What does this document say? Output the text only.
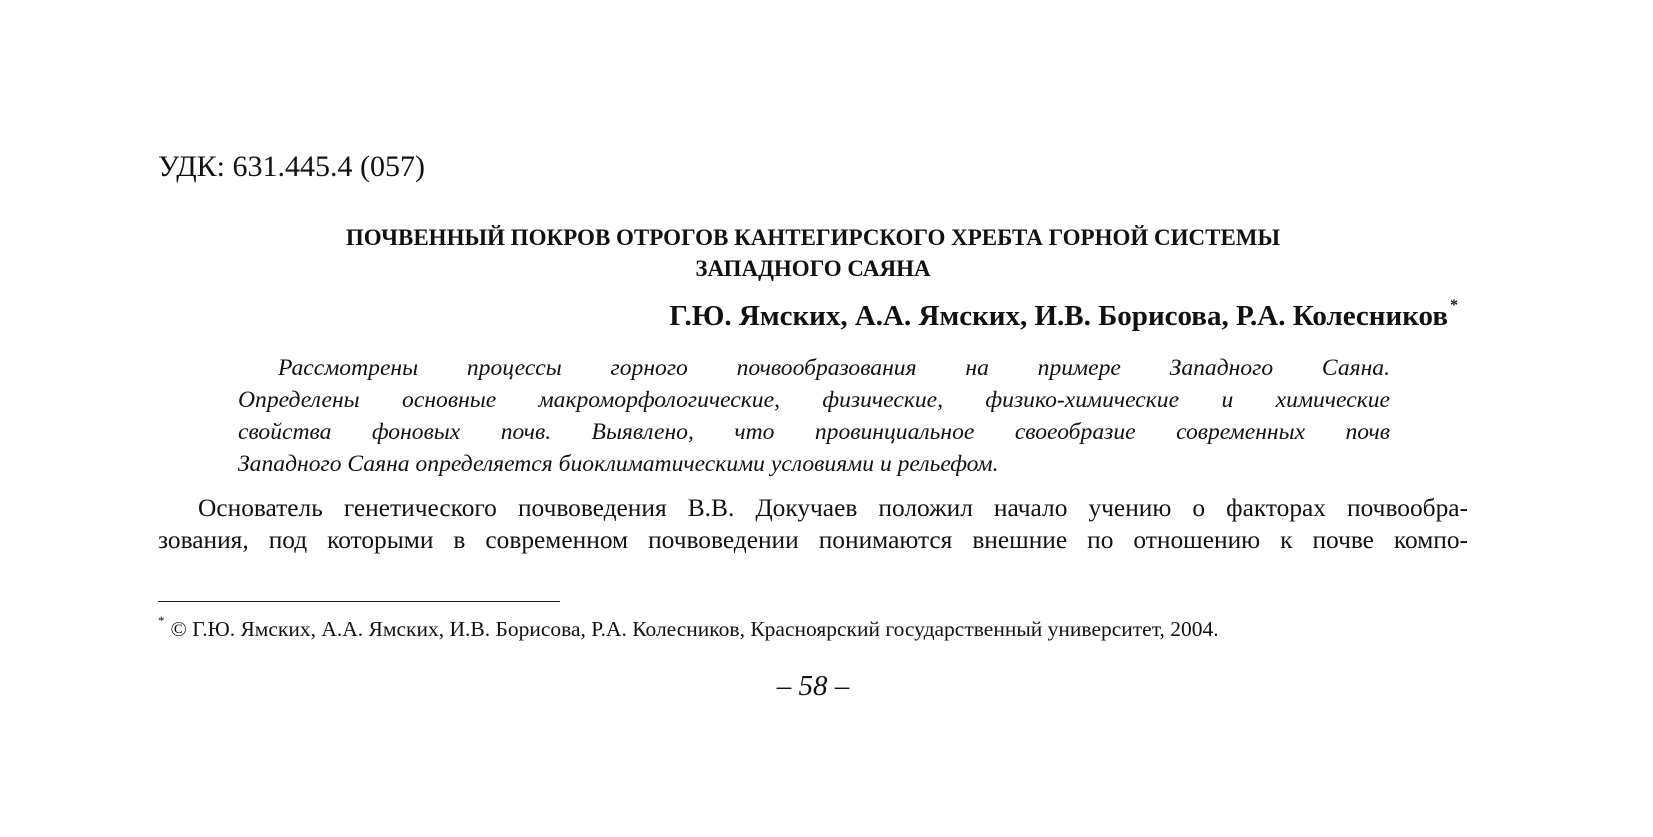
УДК: 631.445.4 (057)
ПОЧВЕННЫЙ ПОКРОВ ОТРОГОВ КАНТЕГИРСКОГО ХРЕБТА ГОРНОЙ СИСТЕМЫ
ЗАПАДНОГО САЯНА
Г.Ю. Ямских, А.А. Ямских, И.В. Борисова, Р.А. Колесников *
Рассмотрены процессы горного почвообразования на примере Западного Саяна.
Определены основные макроморфологические, физические, физико-химические и химические
свойства фоновых почв. Выявлено, что провинциальное своеобразие современных почв
Западного Саяна определяется биоклиматическими условиями и рельефом.
Основатель генетического почвоведения В.В. Докучаев положил начало учению о факторах почвообра-
зования, под которыми в современном почвоведении понимаются внешние по отношению к почве компо-
* © Г.Ю. Ямских, А.А. Ямских, И.В. Борисова, Р.А. Колесников, Красноярский государственный университет, 2004.
– 58 –
